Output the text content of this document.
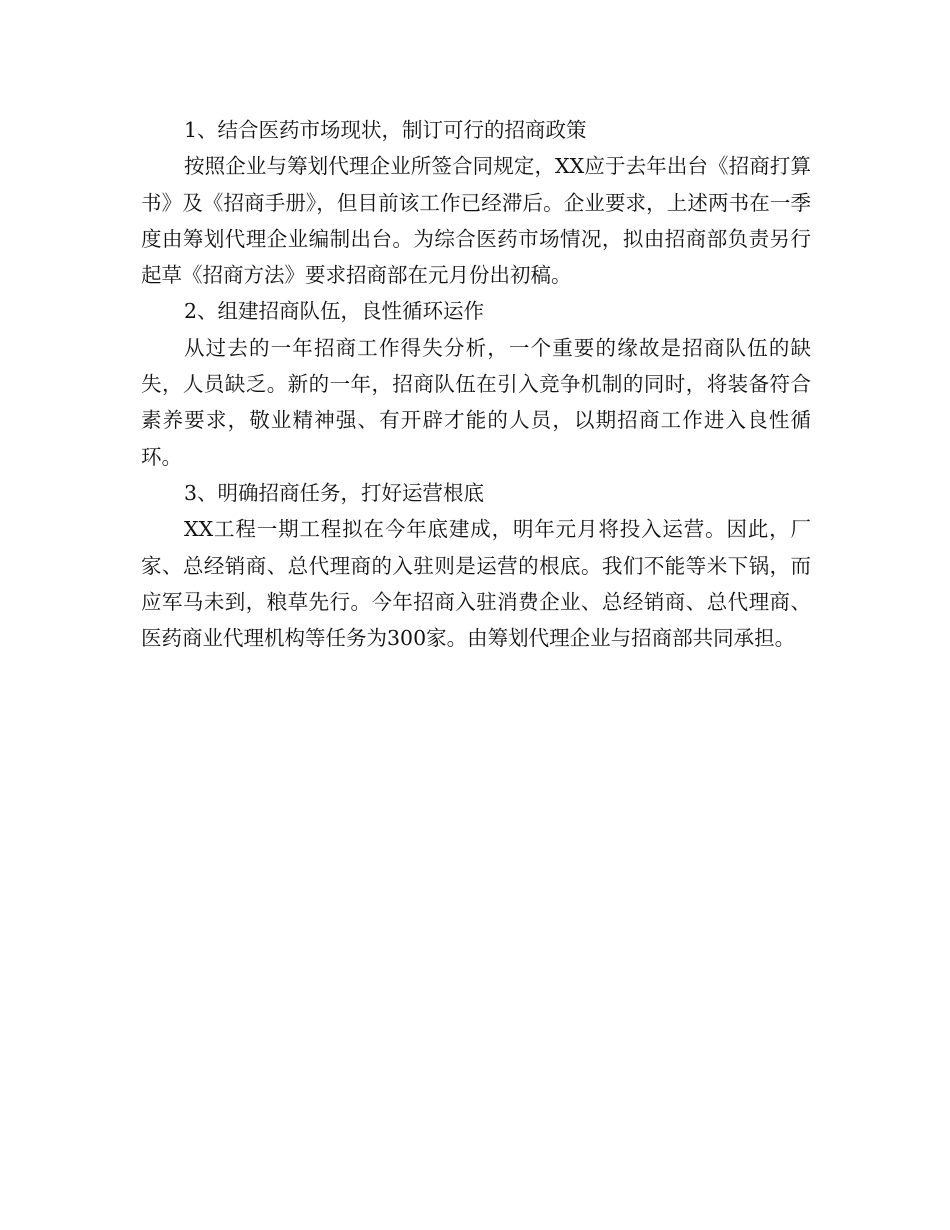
1、结合医药市场现状，制订可行的招商政策

按照企业与筹划代理企业所签合同规定，XX应于去年出台《招商打算书》及《招商手册》，但目前该工作已经滞后。企业要求，上述两书在一季度由筹划代理企业编制出台。为综合医药市场情况，拟由招商部负责另行起草《招商方法》要求招商部在元月份出初稿。

2、组建招商队伍，良性循环运作

从过去的一年招商工作得失分析，一个重要的缘故是招商队伍的缺失，人员缺乏。新的一年，招商队伍在引入竞争机制的同时，将装备符合素养要求，敬业精神强、有开辟才能的人员，以期招商工作进入良性循环。

3、明确招商任务，打好运营根底

XX工程一期工程拟在今年底建成，明年元月将投入运营。因此，厂家、总经销商、总代理商的入驻则是运营的根底。我们不能等米下锅，而应军马未到，粮草先行。今年招商入驻消费企业、总经销商、总代理商、医药商业代理机构等任务为300家。由筹划代理企业与招商部共同承担。
